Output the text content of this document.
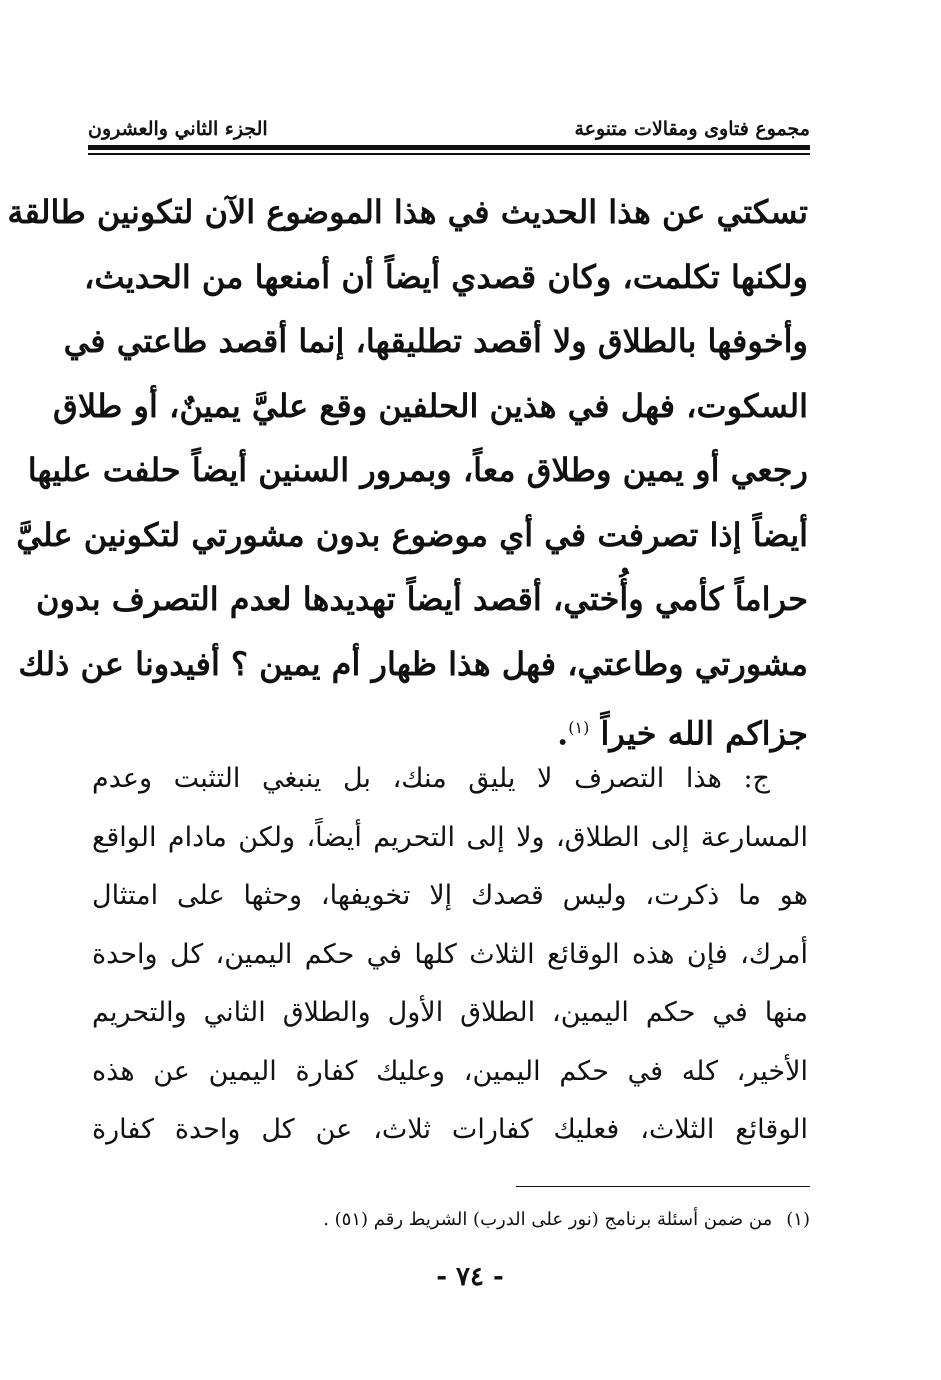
مجموع فتاوى ومقالات متنوعة
الجزء الثاني والعشرون
تسكتي عن هذا الحديث في هذا الموضوع الآن لتكونين طالقة
ولكنها تكلمت، وكان قصدي أيضاً أن أمنعها من الحديث،
وأخوفها بالطلاق ولا أقصد تطليقها، إنما أقصد طاعتي في
السكوت، فهل في هذين الحلفين وقع عليَّ يمينٌ، أو طلاق
رجعي أو يمين وطلاق معاً، وبمرور السنين أيضاً حلفت عليها
أيضاً إذا تصرفت في أي موضوع بدون مشورتي لتكونين عليَّ
حراماً كأمي وأُختي، أقصد أيضاً تهديدها لعدم التصرف بدون
مشورتي وطاعتي، فهل هذا ظهار أم يمين ؟ أفيدونا عن ذلك
جزاكم الله خيراً $^{(١)}$.
ج: هذا التصرف لا يليق منك، بل ينبغي التثبت وعدم
المسارعة إلى الطلاق، ولا إلى التحريم أيضاً، ولكن مادام الواقع
هو ما ذكرت، وليس قصدك إلا تخويفها، وحثها على امتثال
أمرك، فإن هذه الوقائع الثلاث كلها في حكم اليمين، كل واحدة
منها في حكم اليمين، الطلاق الأول والطلاق الثاني والتحريم
الأخير، كله في حكم اليمين، وعليك كفارة اليمين عن هذه
الوقائع الثلاث، فعليك كفارات ثلاث، عن كل واحدة كفارة
(١)من ضمن أسئلة برنامج (نور على الدرب) الشريط رقم (٥١) .
- ٧٤ -
